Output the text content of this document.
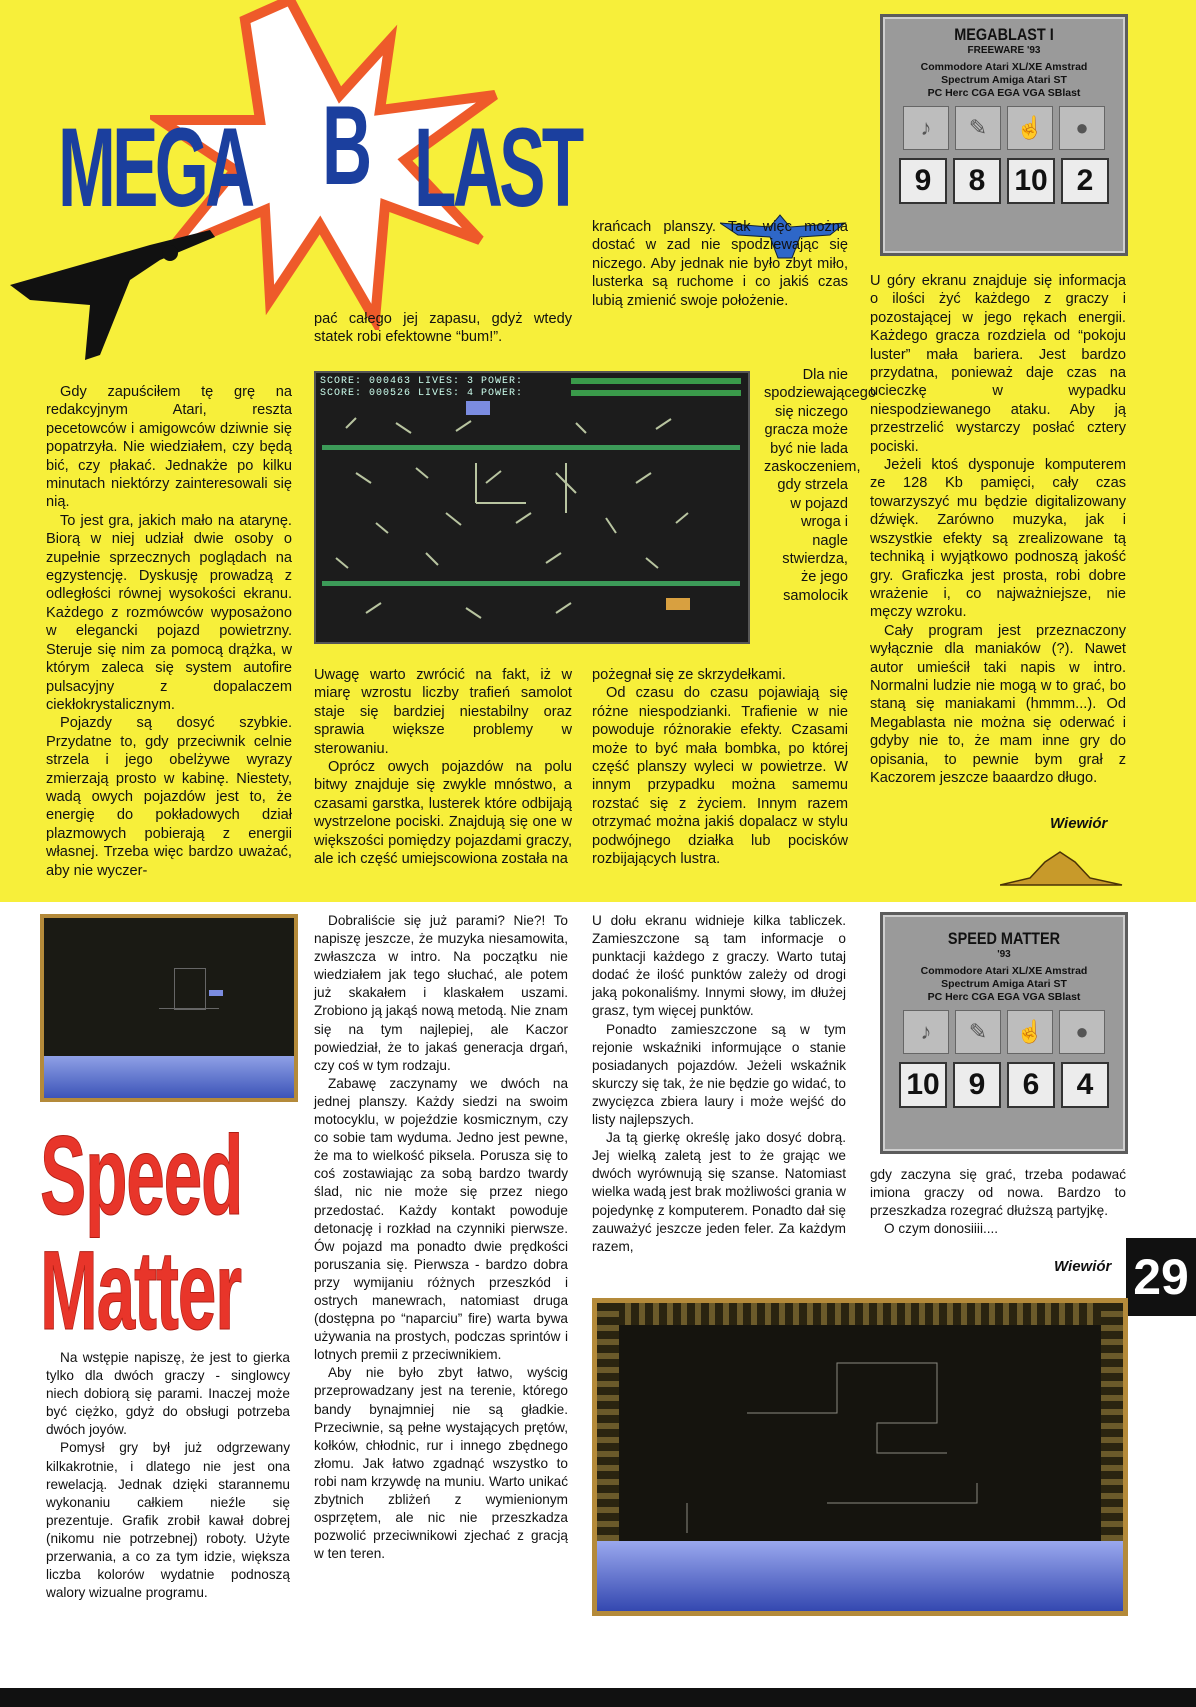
MEGA B LAST

Gdy zapuściłem tę grę na redakcyjnym Atari, reszta pecetowców i amigowców dziwnie się popatrzyła. Nie wiedziałem, czy będą bić, czy płakać. Jednakże po kilku minutach niektórzy zainteresowali się nią.

To jest gra, jakich mało na atarynę. Biorą w niej udział dwie osoby o zupełnie sprzecznych poglądach na egzystencję. Dyskusję prowadzą z odległości równej wysokości ekranu. Każdego z rozmówców wyposażono w elegancki pojazd powietrzny. Steruje się nim za pomocą drążka, w którym zaleca się system autofire pulsacyjny z dopalaczem ciekłokrystalicznym.

Pojazdy są dosyć szybkie. Przydatne to, gdy przeciwnik celnie strzela i jego obelżywe wyrazy zmierzają prosto w kabinę. Niestety, wadą owych pojazdów jest to, że energię do pokładowych dział plazmowych pobierają z energii własnej. Trzeba więc bardzo uważać, aby nie wyczer-

pać całego jej zapasu, gdyż wtedy statek robi efektowne “bum!”.

SCORE: 000463 LIVES: 3 POWER:
SCORE: 000526 LIVES: 4 POWER:

Uwagę warto zwrócić na fakt, iż w miarę wzrostu liczby trafień samolot staje się bardziej niestabilny oraz sprawia większe problemy w sterowaniu.

Oprócz owych pojazdów na polu bitwy znajduje się zwykle mnóstwo, a czasami garstka, lusterek które odbijają wystrzelone pociski. Znajdują się one w większości pomiędzy pojazdami graczy, ale ich część umiejscowiona została na

krańcach planszy. Tak więc można dostać w zad nie spodziewając się niczego. Aby jednak nie było zbyt miło, lusterka są ruchome i co jakiś czas lubią zmienić swoje położenie.

Dla nie spodziewającego się niczego gracza może być nie lada zaskoczeniem, gdy strzela w pojazd wroga i nagle stwierdza, że jego samolocik

pożegnał się ze skrzydełkami.

Od czasu do czasu pojawiają się różne niespodzianki. Trafienie w nie powoduje różnorakie efekty. Czasami może to być mała bombka, po której część planszy wyleci w powietrze. W innym przypadku można samemu rozstać się z życiem. Innym razem otrzymać można jakiś dopalacz w stylu podwójnego działka lub pocisków rozbijających lustra.

MEGABLAST I
FREEWARE '93
Commodore Atari XL/XE Amstrad
Spectrum Amiga Atari ST
PC Herc CGA EGA VGA SBlast
♪	✎	☝	●
9	8 10 2

U góry ekranu znajduje się informacja o ilości żyć każdego z graczy i pozostającej w jego rękach energii. Każdego gracza rozdziela od “pokoju luster” mała bariera. Jest bardzo przydatna, ponieważ daje czas na ucieczkę w wypadku niespodziewanego ataku. Aby ją przestrzelić wystarczy posłać cztery pociski.

Jeżeli ktoś dysponuje komputerem ze 128 Kb pamięci, cały czas towarzyszyć mu będzie digitalizowany dźwięk. Zarówno muzyka, jak i wszystkie efekty są zrealizowane tą techniką i wyjątkowo podnoszą jakość gry. Graficzka jest prosta, robi dobre wrażenie i, co najważniejsze, nie męczy wzroku.

Cały program jest przeznaczony wyłącznie dla maniaków (?). Nawet autor umieścił taki napis w intro. Normalni ludzie nie mogą w to grać, bo staną się maniakami (hmmm...). Od Megablasta nie można się oderwać i gdyby nie to, że mam inne gry do opisania, to pewnie bym grał z Kaczorem jeszcze baaardzo długo.

Wiewiór
Speed
Matter

Na wstępie napiszę, że jest to gierka tylko dla dwóch graczy - singlowcy niech dobiorą się parami. Inaczej może być ciężko, gdyż do obsługi potrzeba dwóch joyów.

Pomysł gry był już odgrzewany kilkakrotnie, i dlatego nie jest ona rewelacją. Jednak dzięki starannemu wykonaniu całkiem nieźle się prezentuje. Grafik zrobił kawał dobrej (nikomu nie potrzebnej) roboty. Użyte przerwania, a co za tym idzie, większa liczba kolorów wydatnie podnoszą walory wizualne programu.

Dobraliście się już parami? Nie?! To napiszę jeszcze, że muzyka niesamowita, zwłaszcza w intro. Na początku nie wiedziałem jak tego słuchać, ale potem już skakałem i klaskałem uszami. Zrobiono ją jakąś nową metodą. Nie znam się na tym najlepiej, ale Kaczor powiedział, że to jakaś generacja drgań, czy coś w tym rodzaju.

Zabawę zaczynamy we dwóch na jednej planszy. Każdy siedzi na swoim motocyklu, w pojeździe kosmicznym, czy co sobie tam wyduma. Jedno jest pewne, że ma to wielkość piksela. Porusza się to coś zostawiając za sobą bardzo twardy ślad, nic nie może się przez niego przedostać. Każdy kontakt powoduje detonację i rozkład na czynniki pierwsze. Ów pojazd ma ponadto dwie prędkości poruszania się. Pierwsza - bardzo dobra przy wymijaniu różnych przeszkód i ostrych manewrach, natomiast druga (dostępna po “naparciu” fire) warta bywa używania na prostych, podczas sprintów i lotnych premii z przeciwnikiem.

Aby nie było zbyt łatwo, wyścig przeprowadzany jest na terenie, którego bandy bynajmniej nie są gładkie. Przeciwnie, są pełne wystających prętów, kołków, chłodnic, rur i innego zbędnego złomu. Jak łatwo zgadnąć wszystko to robi nam krzywdę na muniu. Warto unikać zbytnich zbliżeń z wymienionym osprzętem, ale nic nie przeszkadza pozwolić przeciwnikowi zjechać z gracją w ten teren.

U dołu ekranu widnieje kilka tabliczek. Zamieszczone są tam informacje o punktacji każdego z graczy. Warto tutaj dodać że ilość punktów zależy od drogi jaką pokonaliśmy. Innymi słowy, im dłużej grasz, tym więcej punktów.

Ponadto zamieszczone są w tym rejonie wskaźniki informujące o stanie posiadanych pojazdów. Jeżeli wskaźnik skurczy się tak, że nie będzie go widać, to zwycięzca zbiera laury i może wejść do listy najlepszych.

Ja tą gierkę określę jako dosyć dobrą. Jej wielką zaletą jest to że grając we dwóch wyrównują się szanse. Natomiast wielka wadą jest brak możliwości grania w pojedynkę z komputerem. Ponadto dał się zauważyć jeszcze jeden feler. Za każdym razem,

SPEED MATTER
'93
Commodore Atari XL/XE Amstrad
Spectrum Amiga Atari ST
PC Herc CGA EGA VGA SBlast
♪	✎	☝	●
10 9	6	4

gdy zaczyna się grać, trzeba podawać imiona graczy od nowa. Bardzo to przeszkadza rozegrać dłuższą partyjkę.

O czym donosiiii....

Wiewiór 29
